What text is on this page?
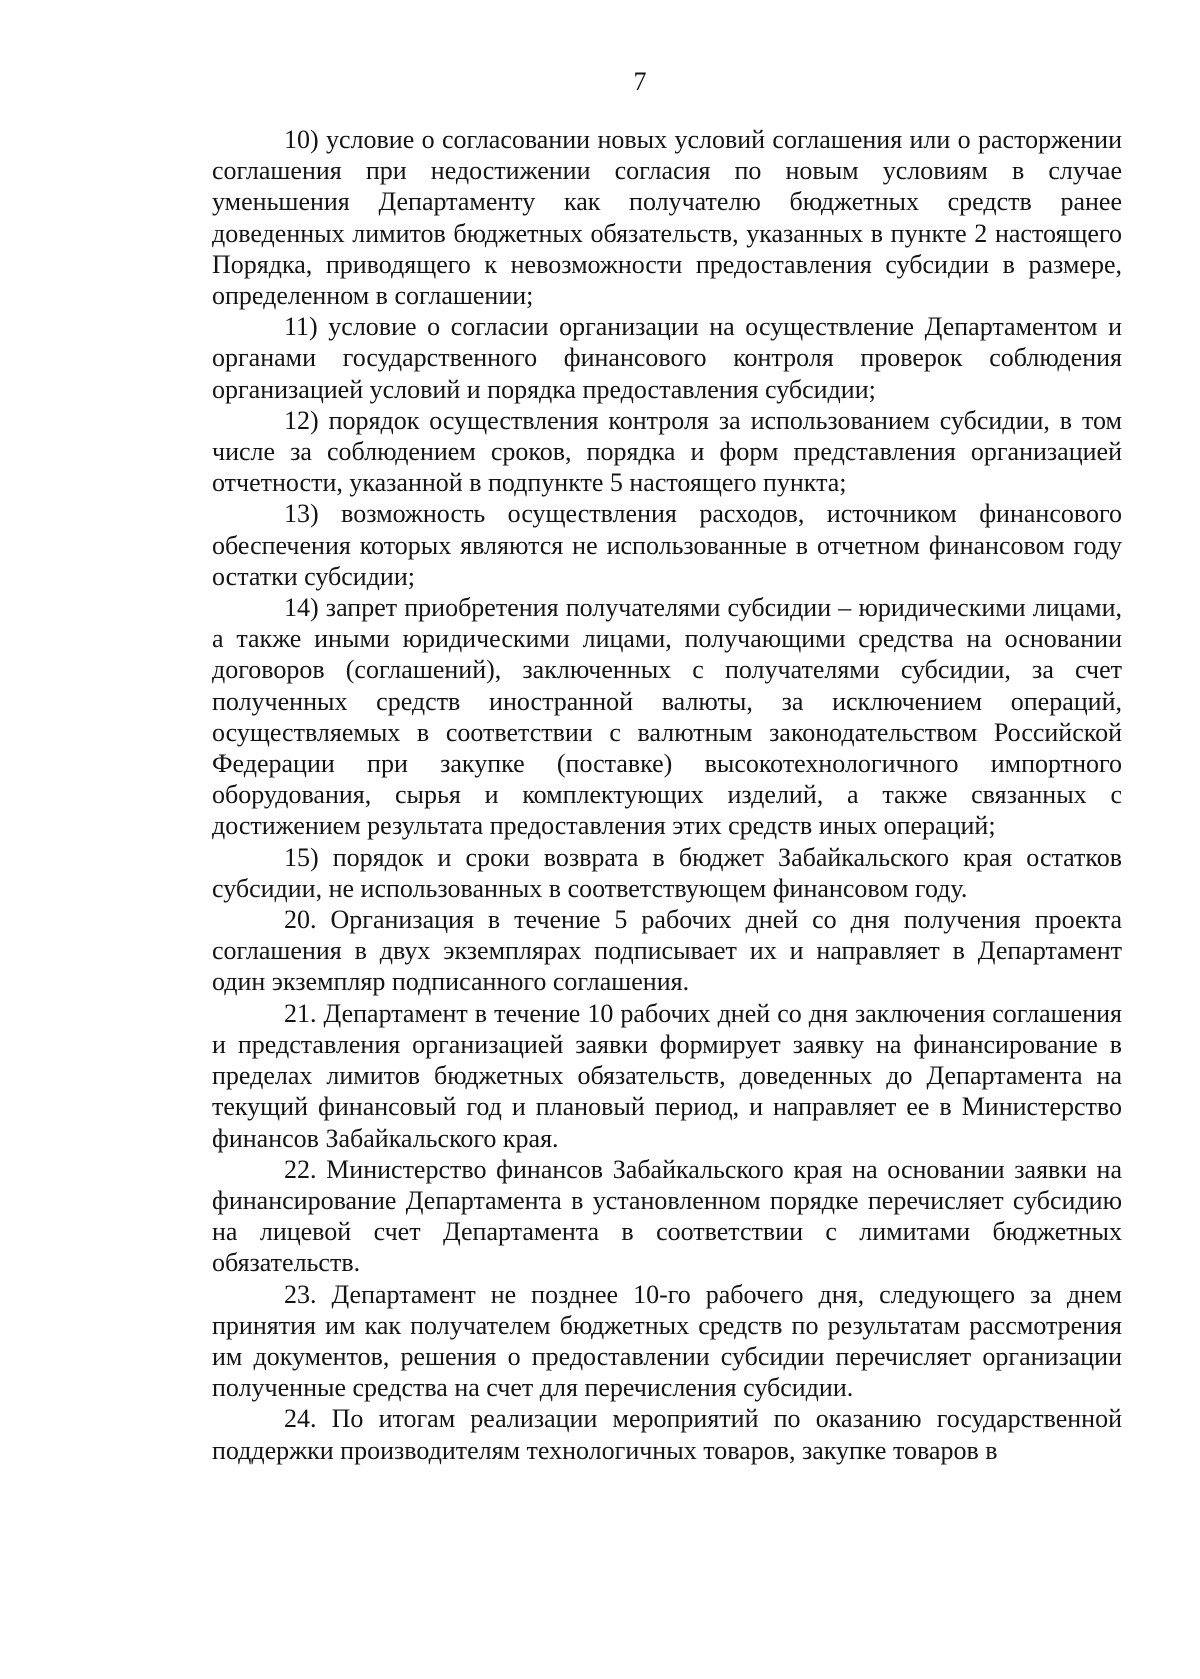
7

10) условие о согласовании новых условий соглашения или о расторжении соглашения при недостижении согласия по новым условиям в случае уменьшения Департаменту как получателю бюджетных средств ранее доведенных лимитов бюджетных обязательств, указанных в пункте 2 настоящего Порядка, приводящего к невозможности предоставления субсидии в размере, определенном в соглашении;

11) условие о согласии организации на осуществление Департаментом и органами государственного финансового контроля проверок соблюдения организацией условий и порядка предоставления субсидии;

12) порядок осуществления контроля за использованием субсидии, в том числе за соблюдением сроков, порядка и форм представления организацией отчетности, указанной в подпункте 5 настоящего пункта;

13) возможность осуществления расходов, источником финансового обеспечения которых являются не использованные в отчетном финансовом году остатки субсидии;

14) запрет приобретения получателями субсидии – юридическими лицами, а также иными юридическими лицами, получающими средства на основании договоров (соглашений), заключенных с получателями субсидии, за счет полученных средств иностранной валюты, за исключением операций, осуществляемых в соответствии с валютным законодательством Российской Федерации при закупке (поставке) высокотехнологичного импортного оборудования, сырья и комплектующих изделий, а также связанных с достижением результата предоставления этих средств иных операций;

15) порядок и сроки возврата в бюджет Забайкальского края остатков субсидии, не использованных в соответствующем финансовом году.

20. Организация в течение 5 рабочих дней со дня получения проекта соглашения в двух экземплярах подписывает их и направляет в Департамент один экземпляр подписанного соглашения.

21. Департамент в течение 10 рабочих дней со дня заключения соглашения и представления организацией заявки формирует заявку на финансирование в пределах лимитов бюджетных обязательств, доведенных до Департамента на текущий финансовый год и плановый период, и направляет ее в Министерство финансов Забайкальского края.

22. Министерство финансов Забайкальского края на основании заявки на финансирование Департамента в установленном порядке перечисляет субсидию на лицевой счет Департамента в соответствии с лимитами бюджетных обязательств.

23. Департамент не позднее 10-го рабочего дня, следующего за днем принятия им как получателем бюджетных средств по результатам рассмотрения им документов, решения о предоставлении субсидии перечисляет организации полученные средства на счет для перечисления субсидии.

24. По итогам реализации мероприятий по оказанию государственной поддержки производителям технологичных товаров, закупке товаров в
